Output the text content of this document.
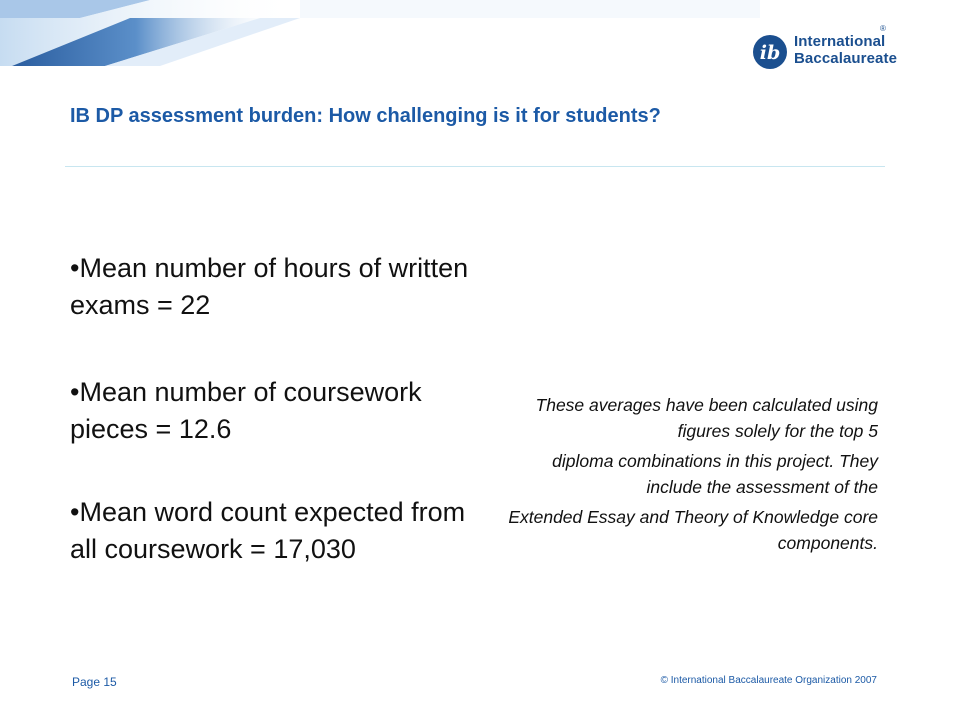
ib
International
Baccalaureate
®
IB DP assessment burden: How challenging is it for students?
•Mean number of hours of written exams = 22
•Mean number of coursework pieces = 12.6
•Mean word count expected from all coursework = 17,030

These averages have been calculated using figures solely for the top 5

diploma combinations in this project. They include the assessment of the

Extended Essay and Theory of Knowledge core components.

Page 15	© International Baccalaureate Organization 2007
